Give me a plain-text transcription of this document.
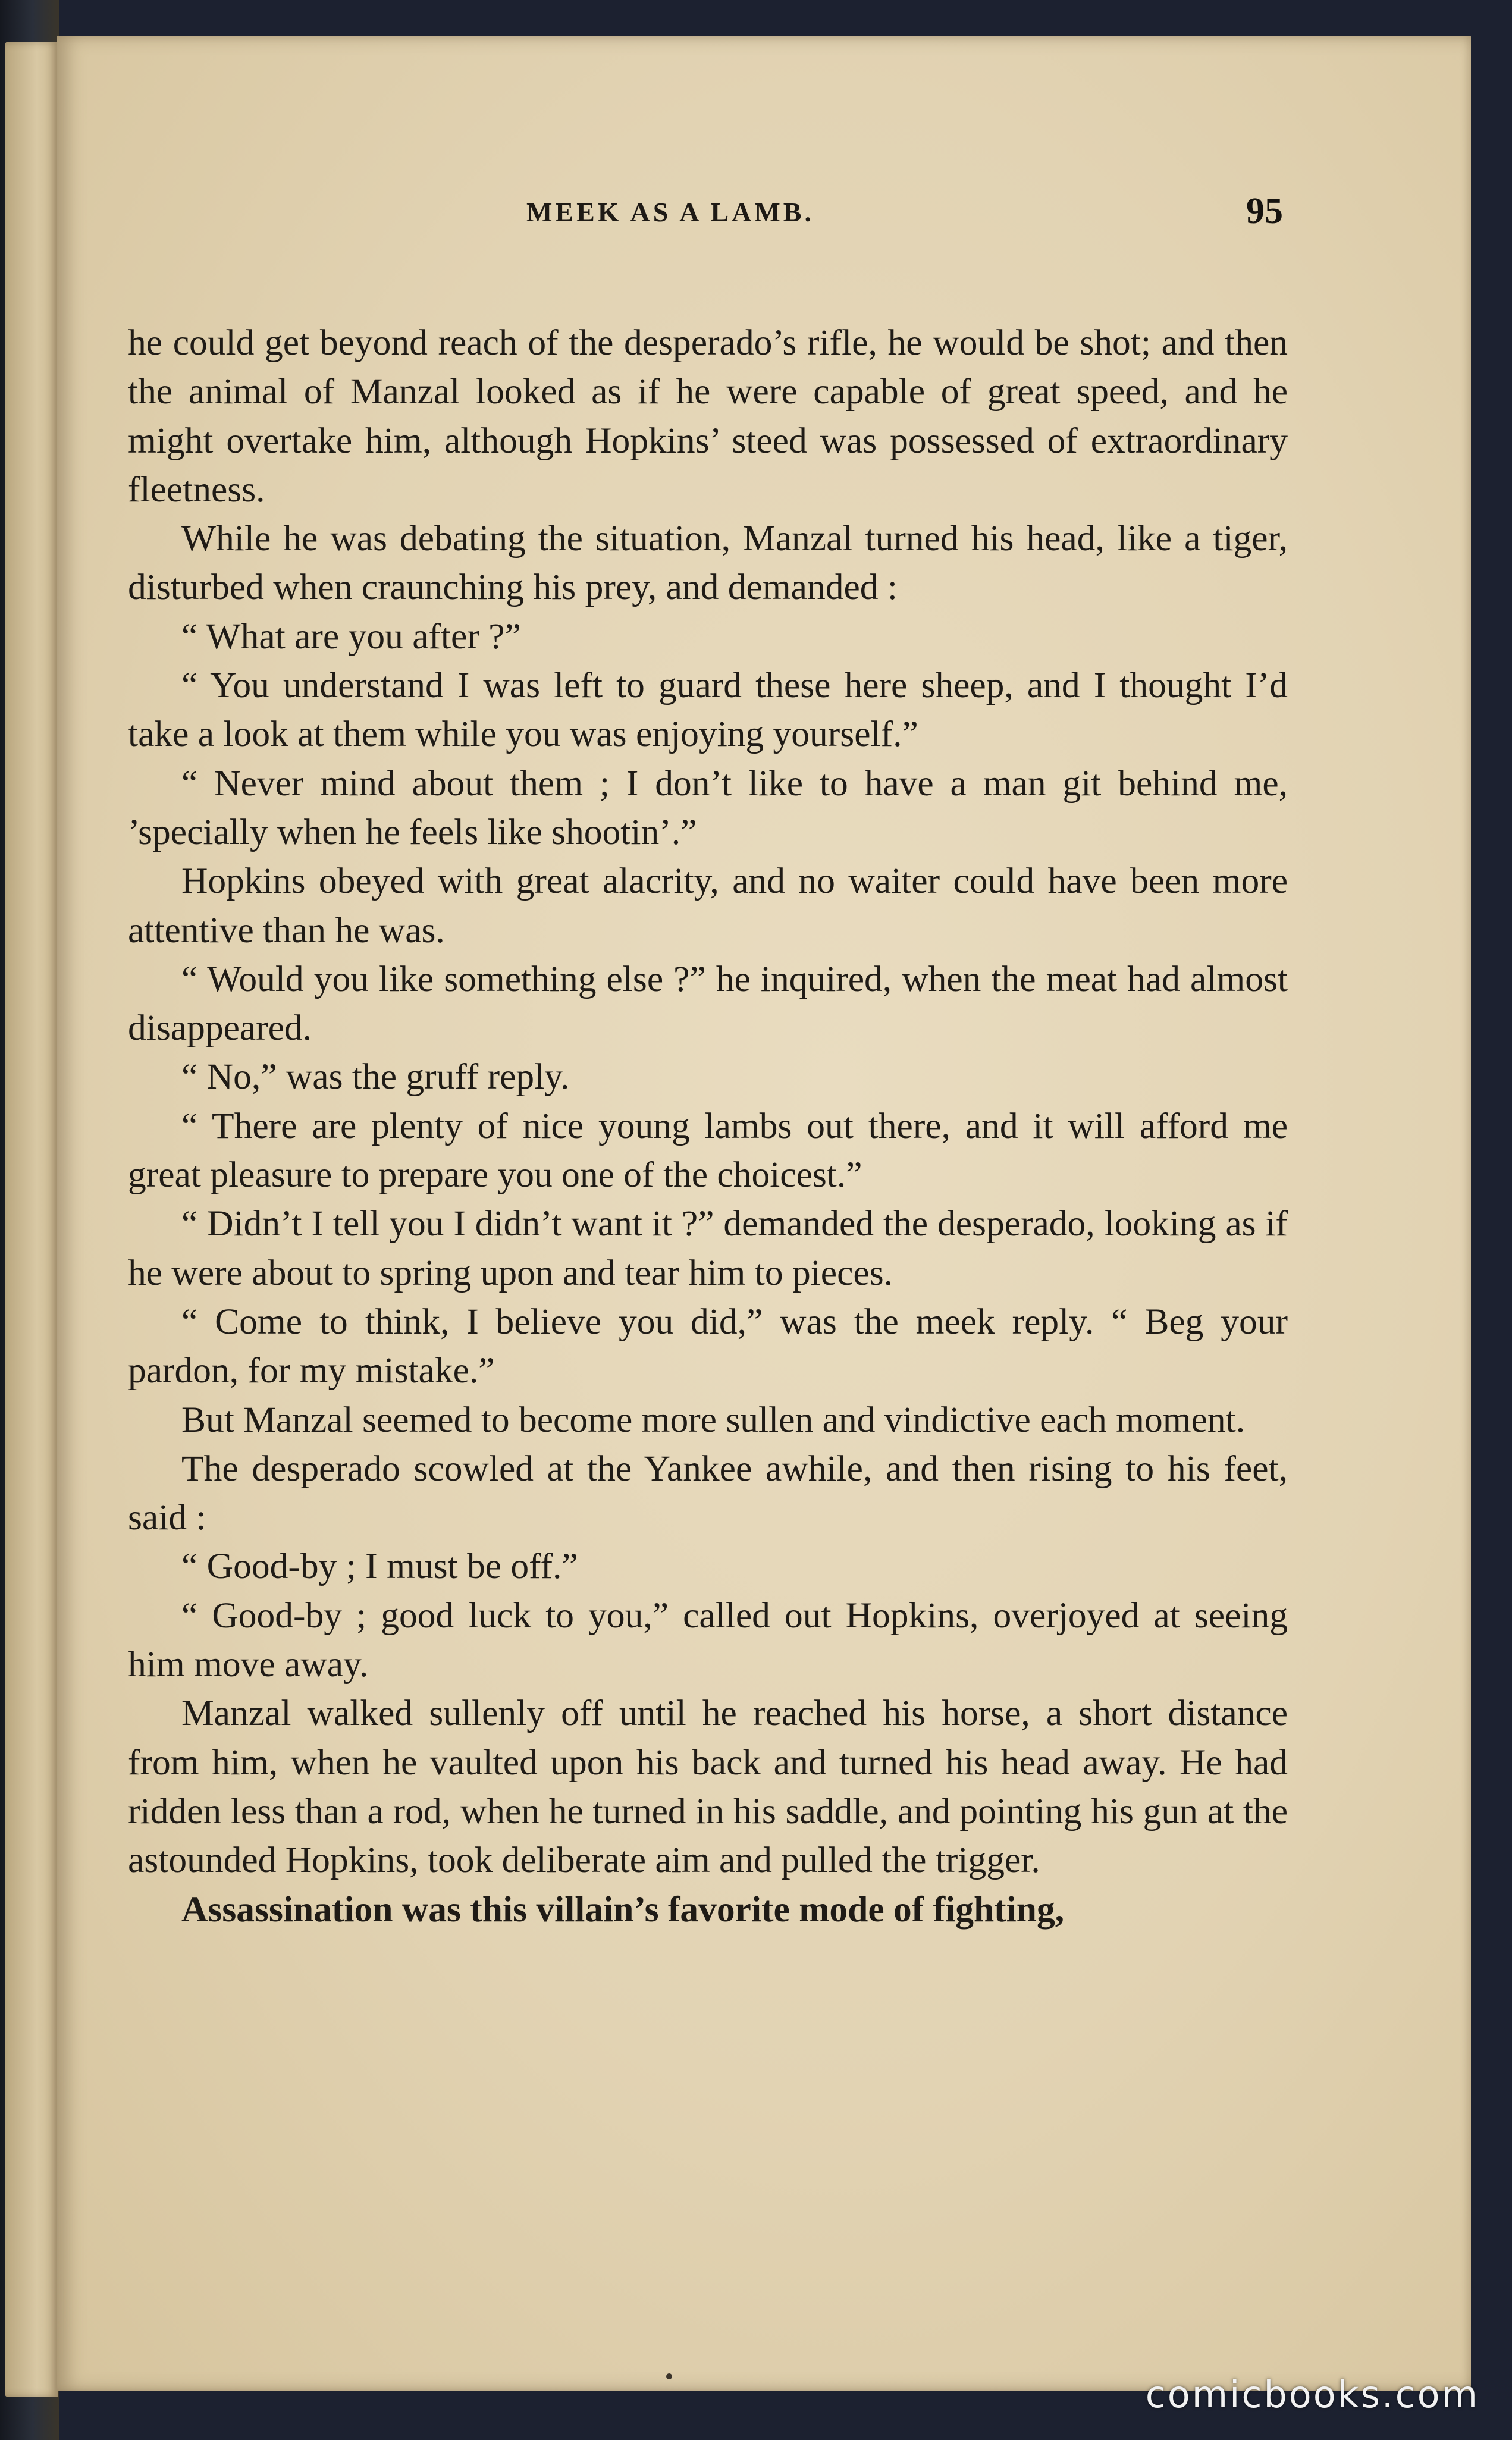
MEEK AS A LAMB.	95

he could get beyond reach of the desperado’s rifle, he would be shot; and then the animal of Manzal looked as if he were capable of great speed, and he might overtake him, although Hopkins’ steed was possessed of extraordinary fleetness.

While he was debating the situation, Manzal turned his head, like a tiger, disturbed when craunching his prey, and demanded :

“ What are you after ?”

“ You understand I was left to guard these here sheep, and I thought I’d take a look at them while you was enjoying yourself.”

“ Never mind about them ; I don’t like to have a man git behind me, ’specially when he feels like shootin’.”

Hopkins obeyed with great alacrity, and no waiter could have been more attentive than he was.

“ Would you like something else ?” he inquired, when the meat had almost disappeared.

“ No,” was the gruff reply.

“ There are plenty of nice young lambs out there, and it will afford me great pleasure to prepare you one of the choicest.”

“ Didn’t I tell you I didn’t want it ?” demanded the desperado, looking as if he were about to spring upon and tear him to pieces.

“ Come to think, I believe you did,” was the meek reply. “ Beg your pardon, for my mistake.”

But Manzal seemed to become more sullen and vindictive each moment.

The desperado scowled at the Yankee awhile, and then rising to his feet, said :

“ Good-by ; I must be off.”

“ Good-by ; good luck to you,” called out Hopkins, overjoyed at seeing him move away.

Manzal walked sullenly off until he reached his horse, a short distance from him, when he vaulted upon his back and turned his head away. He had ridden less than a rod, when he turned in his saddle, and pointing his gun at the astounded Hopkins, took deliberate aim and pulled the trigger.

Assassination was this villain’s favorite mode of fighting,

comicbooks.com
